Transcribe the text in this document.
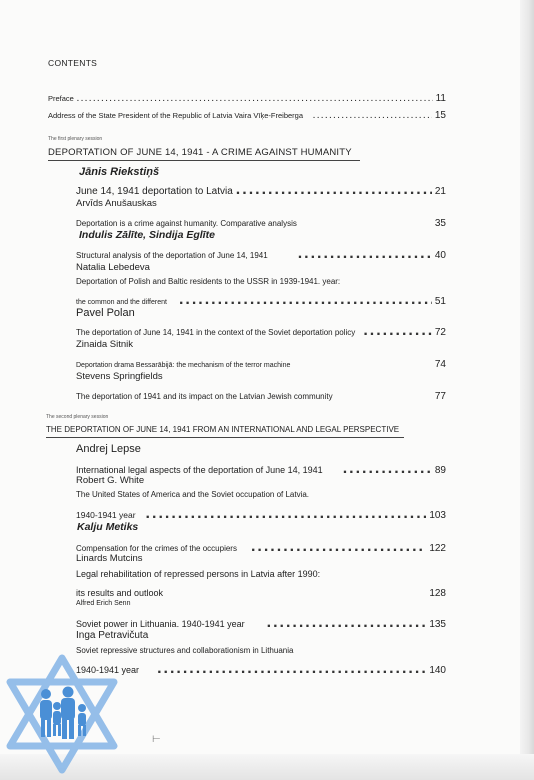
CONTENTS
Preface .....	11
Address of the State President of the Republic of Latvia Vaira Vīķe-Freiberga .....	15
The first plenary session
DEPORTATION OF JUNE 14, 1941 - A CRIME AGAINST HUMANITY
Jānis Riekstiņš
June 14, 1941 deportation to Latvia .....	21
Arvīds Anušauskas
Deportation is a crime against humanity. Comparative analysis	35
Indulis Zālīte, Sindija Eglīte
Structural analysis of the deportation of June 14, 1941 .....	40
Natalia Lebedeva
Deportation of Polish and Baltic residents to the USSR in 1939-1941. year:
the common and the different .....	51
Pavel Polan
The deportation of June 14, 1941 in the context of the Soviet deportation policy .....	72
Zinaida Sitnik
Deportation drama Bessarābijā: the mechanism of the terror machine	74
Stevens Springfields
The deportation of 1941 and its impact on the Latvian Jewish community	77
The second plenary session
THE DEPORTATION OF JUNE 14, 1941 FROM AN INTERNATIONAL AND LEGAL PERSPECTIVE
Andrej Lepse
International legal aspects of the deportation of June 14, 1941 .....	89
Robert G. White
The United States of America and the Soviet occupation of Latvia.
1940-1941 year .....	103
Kalju Metiks
Compensation for the crimes of the occupiers .....	122
Linards Mutcins
Legal rehabilitation of repressed persons in Latvia after 1990:
its results and outlook	128
Alfred Erich Senn
Soviet power in Lithuania. 1940-1941 year .....	135
Inga Petravičuta
Soviet repressive structures and collaborationism in Lithuania
1940-1941 year .....	140
⊢
